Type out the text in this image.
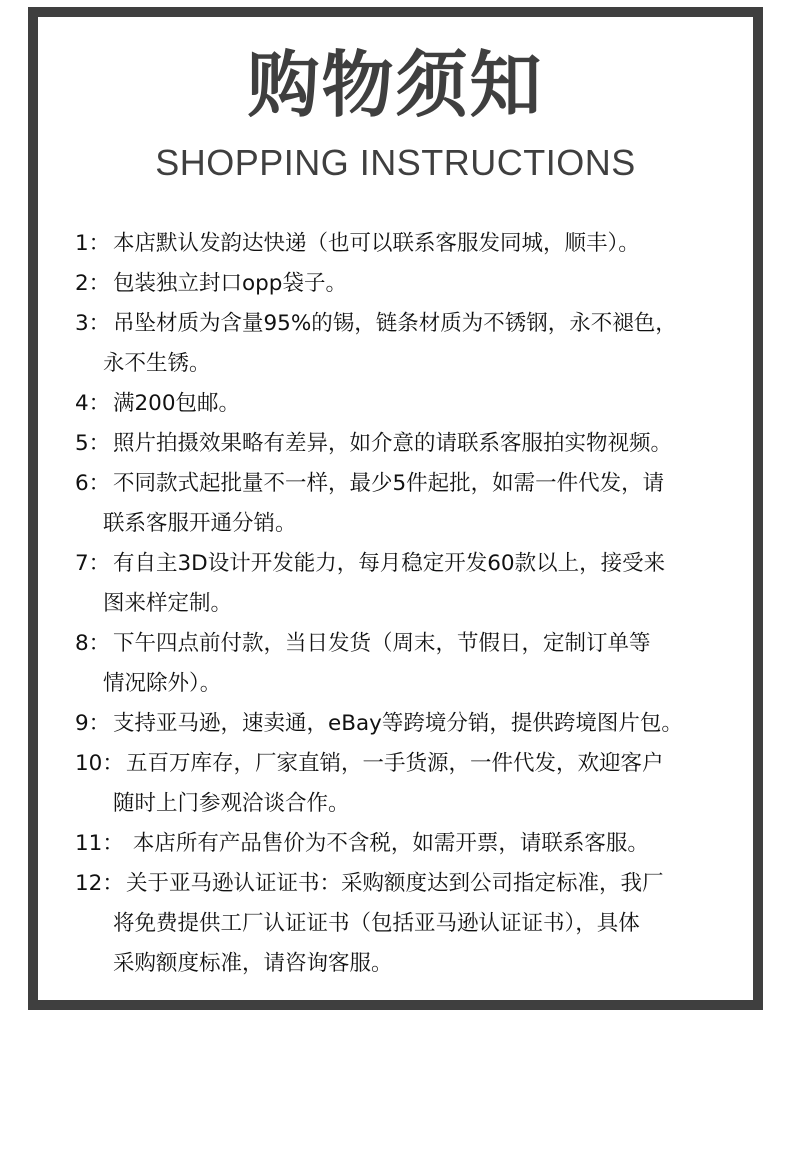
购物须知
SHOPPING INSTRUCTIONS
1： 本店默认发韵达快递（也可以联系客服发同城，顺丰）。
2： 包装独立封口opp袋子。
3： 吊坠材质为含量95%的锡，链条材质为不锈钢，永不褪色，
永不生锈。
4： 满200包邮。
5： 照片拍摄效果略有差异，如介意的请联系客服拍实物视频。
6： 不同款式起批量不一样，最少5件起批，如需一件代发，请
联系客服开通分销。
7： 有自主3D设计开发能力，每月稳定开发60款以上，接受来
图来样定制。
8： 下午四点前付款，当日发货（周末，节假日，定制订单等
情况除外）。
9： 支持亚马逊，速卖通，eBay等跨境分销，提供跨境图片包。
10：五百万库存，厂家直销，一手货源，一件代发，欢迎客户
随时上门参观洽谈合作。
11： 本店所有产品售价为不含税，如需开票，请联系客服。
12：关于亚马逊认证证书：采购额度达到公司指定标准，我厂
将免费提供工厂认证证书（包括亚马逊认证证书），具体
采购额度标准，请咨询客服。
